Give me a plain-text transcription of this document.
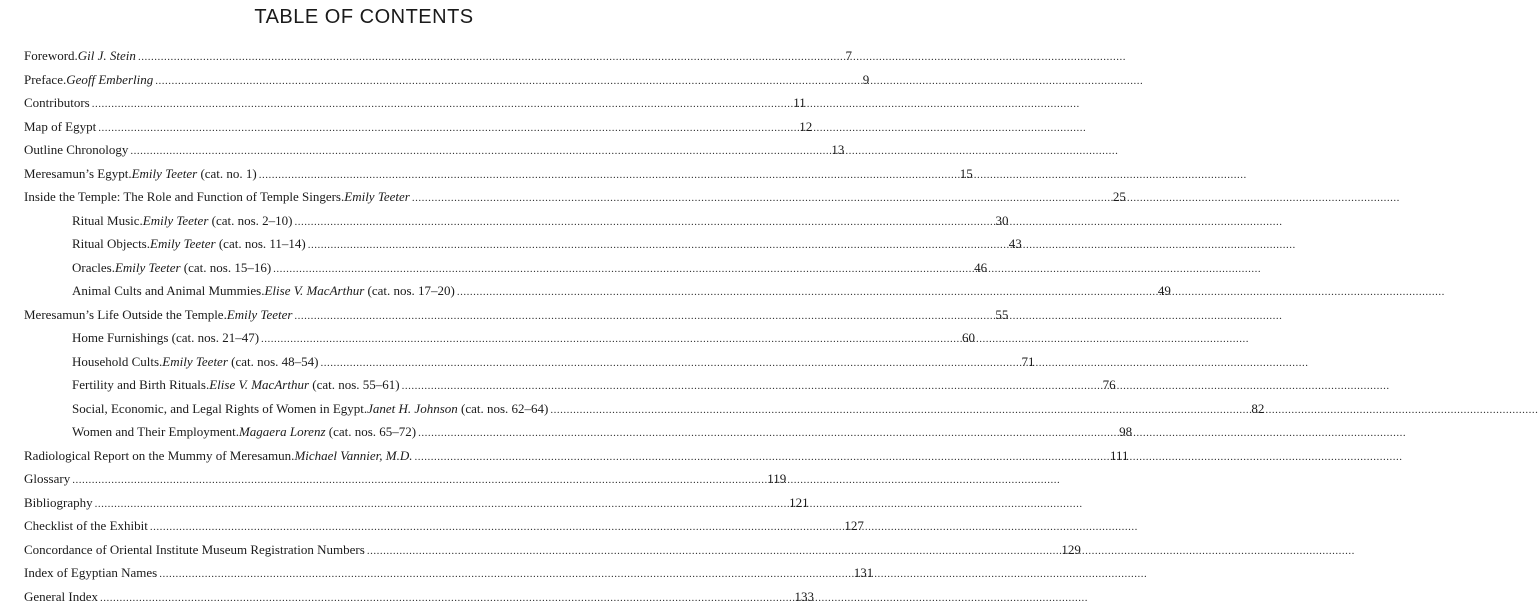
TABLE OF CONTENTS
Foreword. Gil J. Stein .....	7
Preface. Geoff Emberling .....	9
Contributors .....	11
Map of Egypt .....	12
Outline Chronology .....	13
Meresamun’s Egypt. Emily Teeter (cat. no. 1) .....	15
Inside the Temple: The Role and Function of Temple Singers. Emily Teeter .....	25
Ritual Music. Emily Teeter (cat. nos. 2–10) .....	30
Ritual Objects. Emily Teeter (cat. nos. 11–14) .....	43
Oracles. Emily Teeter (cat. nos. 15–16) .....	46
Animal Cults and Animal Mummies. Elise V. MacArthur (cat. nos. 17–20) .....	49
Meresamun’s Life Outside the Temple. Emily Teeter .....	55
Home Furnishings (cat. nos. 21–47) .....	60
Household Cults. Emily Teeter (cat. nos. 48–54) .....	71
Fertility and Birth Rituals. Elise V. MacArthur (cat. nos. 55–61) .....	76
Social, Economic, and Legal Rights of Women in Egypt. Janet H. Johnson (cat. nos. 62–64) .....	82
Women and Their Employment. Magaera Lorenz (cat. nos. 65–72) .....	98
Radiological Report on the Mummy of Meresamun. Michael Vannier, M.D. .....	111
Glossary .....	119
Bibliography .....	121
Checklist of the Exhibit .....	127
Concordance of Oriental Institute Museum Registration Numbers .....	129
Index of Egyptian Names .....	131
General Index .....	133
